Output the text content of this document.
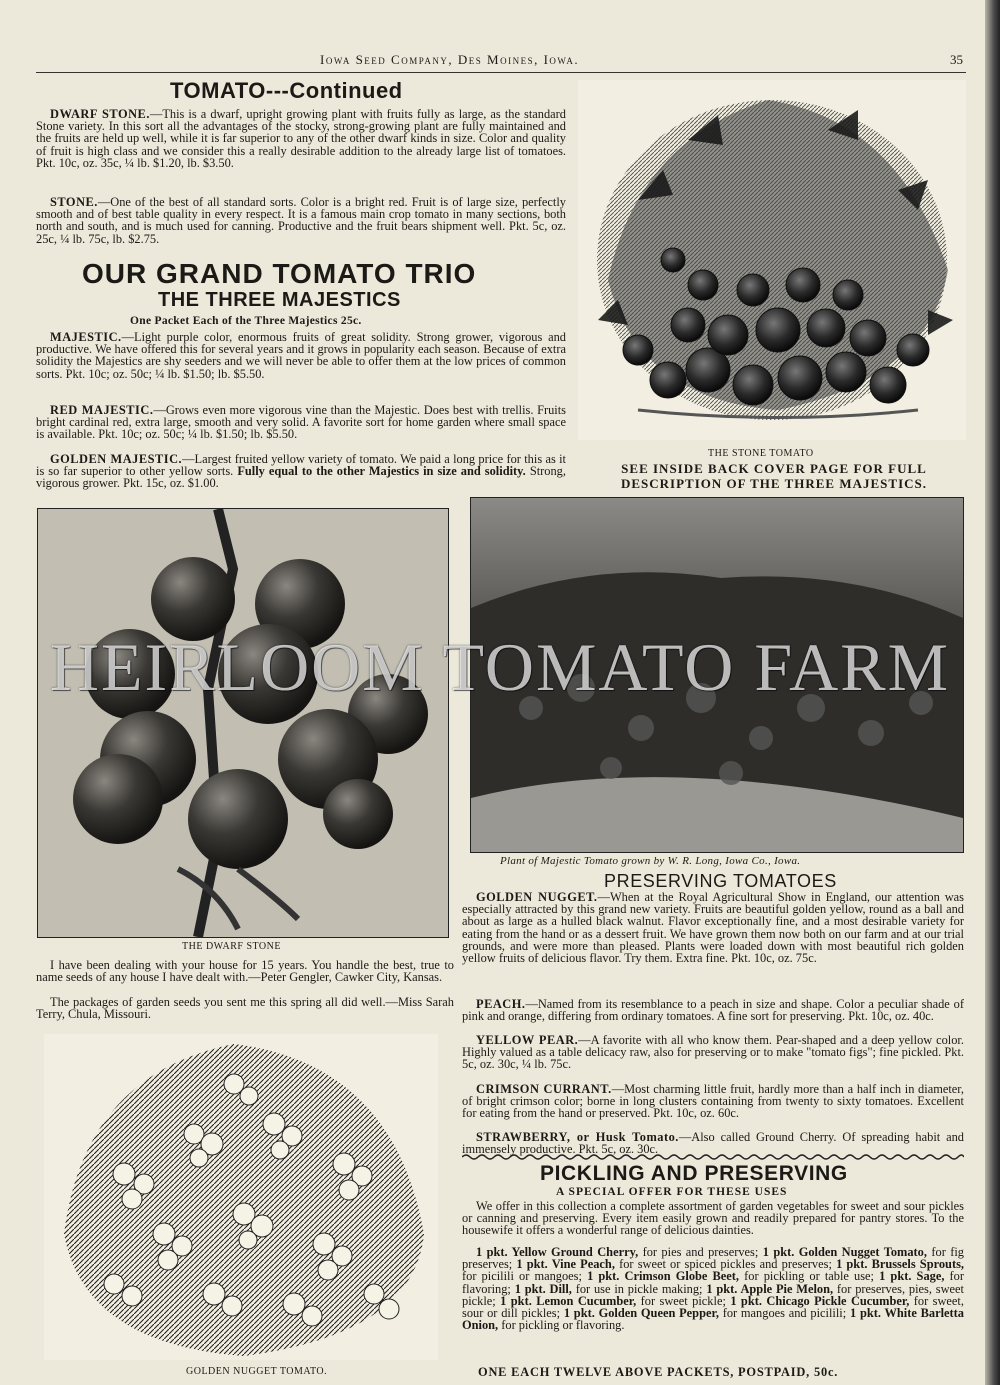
Iowa Seed Company, Des Moines, Iowa.	35
TOMATO---Continued

DWARF STONE.—This is a dwarf, upright growing plant with fruits fully as large, as the standard Stone variety. In this sort all the advantages of the stocky, strong-growing plant are fully maintained and the fruits are held up well, while it is far superior to any of the other dwarf kinds in size. Color and quality of fruit is high class and we consider this a really desirable addition to the already large list of tomatoes. Pkt. 10c, oz. 35c, ¼ lb. $1.20, lb. $3.50.

STONE.—One of the best of all standard sorts. Color is a bright red. Fruit is of large size, perfectly smooth and of best table quality in every respect. It is a famous main crop tomato in many sections, both north and south, and is much used for canning. Productive and the fruit bears shipment well. Pkt. 5c, oz. 25c, ¼ lb. 75c, lb. $2.75.

OUR GRAND TOMATO TRIO
THE THREE MAJESTICS
One Packet Each of the Three Majestics 25c.

MAJESTIC.—Light purple color, enormous fruits of great solidity. Strong grower, vigorous and productive. We have offered this for several years and it grows in popularity each season. Because of extra solidity the Majestics are shy seeders and we will never be able to offer them at the low prices of common sorts. Pkt. 10c; oz. 50c; ¼ lb. $1.50; lb. $5.50.

RED MAJESTIC.—Grows even more vigorous vine than the Majestic. Does best with trellis. Fruits bright cardinal red, extra large, smooth and very solid. A favorite sort for home garden where small space is available. Pkt. 10c; oz. 50c; ¼ lb. $1.50; lb. $5.50.

GOLDEN MAJESTIC.—Largest fruited yellow variety of tomato. We paid a long price for this as it is so far superior to other yellow sorts. Fully equal to the other Majestics in size and solidity. Strong, vigorous grower. Pkt. 15c, oz. $1.00.

THE STONE TOMATO
SEE INSIDE BACK COVER PAGE FOR FULL DESCRIPTION OF THE THREE MAJESTICS.
THE DWARF STONE
Plant of Majestic Tomato grown by W. R. Long, Iowa Co., Iowa.

I have been dealing with your house for 15 years. You handle the best, true to name seeds of any house I have dealt with.—Peter Gengler, Cawker City, Kansas.

The packages of garden seeds you sent me this spring all did well.—Miss Sarah Terry, Chula, Missouri.

GOLDEN NUGGET TOMATO.
PRESERVING TOMATOES

GOLDEN NUGGET.—When at the Royal Agricultural Show in England, our attention was especially attracted by this grand new variety. Fruits are beautiful golden yellow, round as a ball and about as large as a hulled black walnut. Flavor exceptionally fine, and a most desirable variety for eating from the hand or as a dessert fruit. We have grown them now both on our farm and at our trial grounds, and were more than pleased. Plants were loaded down with most beautiful rich golden yellow fruits of delicious flavor. Try them. Extra fine. Pkt. 10c, oz. 75c.

PEACH.—Named from its resemblance to a peach in size and shape. Color a peculiar shade of pink and orange, differing from ordinary tomatoes. A fine sort for preserving. Pkt. 10c, oz. 40c.

YELLOW PEAR.—A favorite with all who know them. Pear-shaped and a deep yellow color. Highly valued as a table delicacy raw, also for preserving or to make "tomato figs"; fine pickled. Pkt. 5c, oz. 30c, ¼ lb. 75c.

CRIMSON CURRANT.—Most charming little fruit, hardly more than a half inch in diameter, of bright crimson color; borne in long clusters containing from twenty to sixty tomatoes. Excellent for eating from the hand or preserved. Pkt. 10c, oz. 60c.

STRAWBERRY, or Husk Tomato.—Also called Ground Cherry. Of spreading habit and immensely productive. Pkt. 5c, oz. 30c.

PICKLING AND PRESERVING
A SPECIAL OFFER FOR THESE USES

We offer in this collection a complete assortment of garden vegetables for sweet and sour pickles or canning and preserving. Every item easily grown and readily prepared for pantry stores. To the housewife it offers a wonderful range of delicious dainties.

1 pkt. Yellow Ground Cherry, for pies and preserves; 1 pkt. Golden Nugget Tomato, for fig preserves; 1 pkt. Vine Peach, for sweet or spiced pickles and preserves; 1 pkt. Brussels Sprouts, for picilili or mangoes; 1 pkt. Crimson Globe Beet, for pickling or table use; 1 pkt. Sage, for flavoring; 1 pkt. Dill, for use in pickle making; 1 pkt. Apple Pie Melon, for preserves, pies, sweet pickle; 1 pkt. Lemon Cucumber, for sweet pickle; 1 pkt. Chicago Pickle Cucumber, for sweet, sour or dill pickles; 1 pkt. Golden Queen Pepper, for mangoes and picilili; 1 pkt. White Barletta Onion, for pickling or flavoring.

ONE EACH TWELVE ABOVE PACKETS, POSTPAID, 50c.
HEIRLOOM TOMATO FARM
